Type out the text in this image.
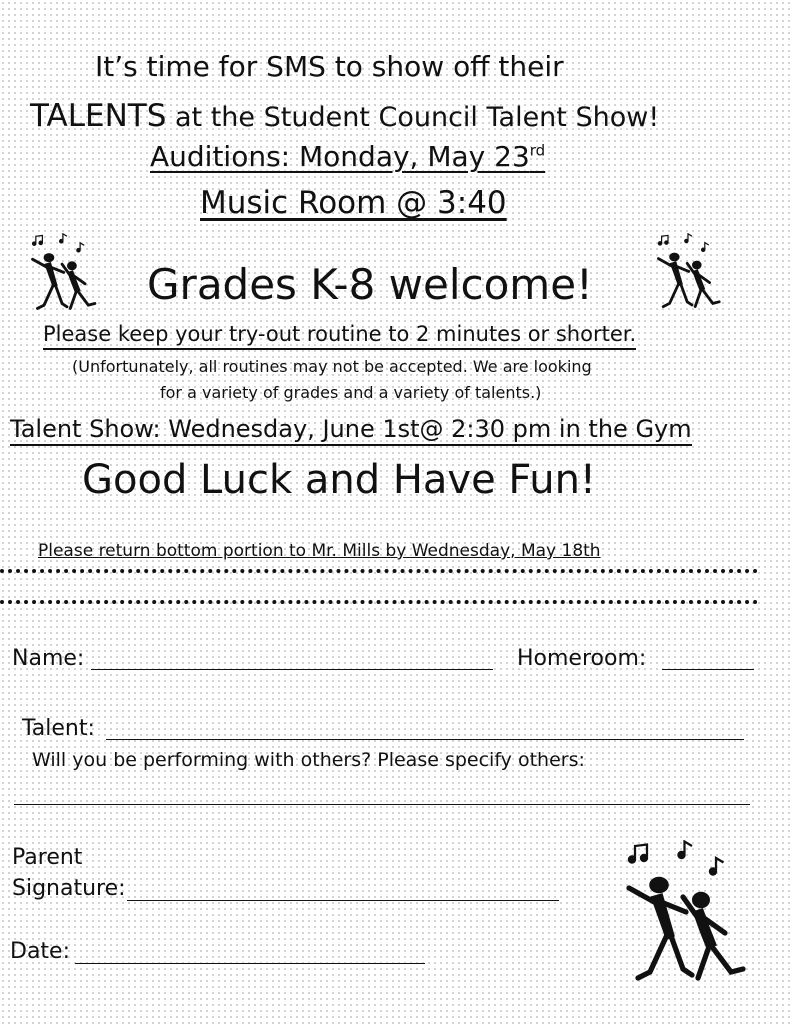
It’s time for SMS to show off their
TALENTS at the Student Council Talent Show!
Auditions: Monday, May 23rd
Music Room @ 3:40
Grades K-8 welcome!
Please keep your try-out routine to 2 minutes or shorter.
(Unfortunately, all routines may not be accepted. We are looking
for a variety of grades and a variety of talents.)
Talent Show: Wednesday, June 1st@ 2:30 pm in the Gym
Good Luck and Have Fun!
Please return bottom portion to Mr. Mills by Wednesday, May 18th
Name:	Homeroom:
Talent:
Will you be performing with others? Please specify others:
Parent
Signature:
Date:
